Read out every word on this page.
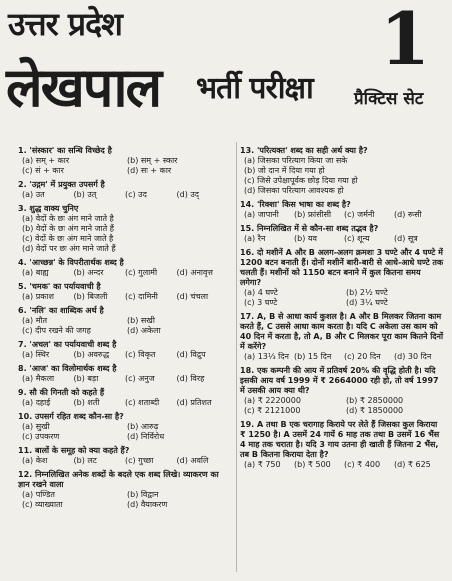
उत्तर प्रदेश
लेखपाल भर्ती परीक्षा
1
प्रैक्टिस सेट
1. 'संस्कार' का सन्धि विच्छेद है
(a) सम् + कार	(b) सम् + स्कार
(c) सं + कार	(d) सः + कार
2. 'उद्गम' में प्रयुक्त उपसर्ग है
(a) उत	(b) उत्	(c) उद	(d) उद्
3. शुद्ध वाक्य चुनिए
(a) वेदों के छः अंग माने जाते है
(b) वेदों के छः अंग माने जाते हैं
(c) वेदों के छः अंग माने जाते है
(d) वेदों पर छः अंग माने जाते हैं
4. 'आच्छन्न' के विपरीतार्थक शब्द है
(a) बाह्य	(b) अन्दर	(c) गुलामी	(d) अनावृत्त
5. 'चमक' का पर्यायवाची है
(a) प्रकाश	(b) बिजली	(c) दामिनी	(d) चंचला
6. 'नलि' का शाब्दिक अर्थ है
(a) मौत	(b) सखी
(c) दीप रखने की जगह	(d) अकेला
7. 'अचल' का पर्यायवाची शब्द है
(a) स्थिर	(b) अवरुद्ध	(c) विकृत	(d) विद्रुप
8. 'आज' का विलोमार्थक शब्द है
(a) मैकला	(b) बड़ा	(c) अनुज	(d) विरह
9. सौ की गिनती को कहते हैं
(a) दहाई	(b) शती	(c) शताब्दी	(d) प्रतिशत
10. उपसर्ग रहित शब्द कौन-सा है?
(a) सुखी	(b) आरुढ़
(c) उपकरण	(d) निर्विरोध
11. बालों के समूह को क्या कहते हैं?
(a) केश	(b) लट	(c) गुच्छा	(d) अवलि
12. निम्नलिखित अनेक शब्दों के बदले एक शब्द लिखे। व्याकरण का ज्ञान रखने वाला
(a) पण्डित	(b) विद्वान
(c) व्याख्याता	(d) वैयाकरण
13. 'परित्यक्त' शब्द का सही अर्थ क्या है?
(a) जिसका परित्याग किया जा सके
(b) जो दान में दिया गया हो
(c) जिसे उपेक्षापूर्वक छोड़ दिया गया हो
(d) जिसका परित्याग आवश्यक हो
14. 'रिक्शा' किस भाषा का शब्द है?
(a) जापानी	(b) फ्रांसीसी	(c) जर्मनी	(d) रूसी
15. निम्नलिखित में से कौन-सा शब्द तद्भव है?
(a) रैन	(b) यव	(c) शून्य	(d) सूत्र
16. दो मशीनें A और B अलग-अलग क्रमशः 3 घण्टे और 4 घण्टे में 1200 बटन बनाती हैं। दोनों मशीनें बारी-बारी से आधे-आधे घण्टे तक चलती हैं। मशीनों को 1150 बटन बनाने में कुल कितना समय लगेगा?
(a) 4 घण्टे	(b) 2½ घण्टे
(c) 3 घण्टे	(d) 3¼ घण्टे
17. A, B से आधा कार्य कुशल है। A और B मिलकर जितना काम करते हैं, C उससे आधा काम करता है। यदि C अकेला उस काम को 40 दिन में करता है, तो A, B और C मिलकर पूरा काम कितने दिनों में करेंगे?
(a) 13⅓ दिन (b) 15 दिन	(c) 20 दिन	(d) 30 दिन
18. एक कम्पनी की आय में प्रतिवर्ष 20% की वृद्धि होती है। यदि इसकी आय वर्ष 1999 में ₹ 2664000 रही हो, तो वर्ष 1997 में उसकी आय क्या थी?
(a) ₹ 2220000	(b) ₹ 2850000
(c) ₹ 2121000	(d) ₹ 1850000
19. A तथा B एक चरागाह किराये पर लेते हैं जिसका कुल किराया ₹ 1250 है। A उसमें 24 गायें 6 माह तक तथा B उसमें 16 भैंस 4 माह तक चराता है। यदि 3 गाय उतना ही खाती हैं जितना 2 भैंस, तब B कितना किराया देता है?
(a) ₹ 750	(b) ₹ 500	(c) ₹ 400	(d) ₹ 625
